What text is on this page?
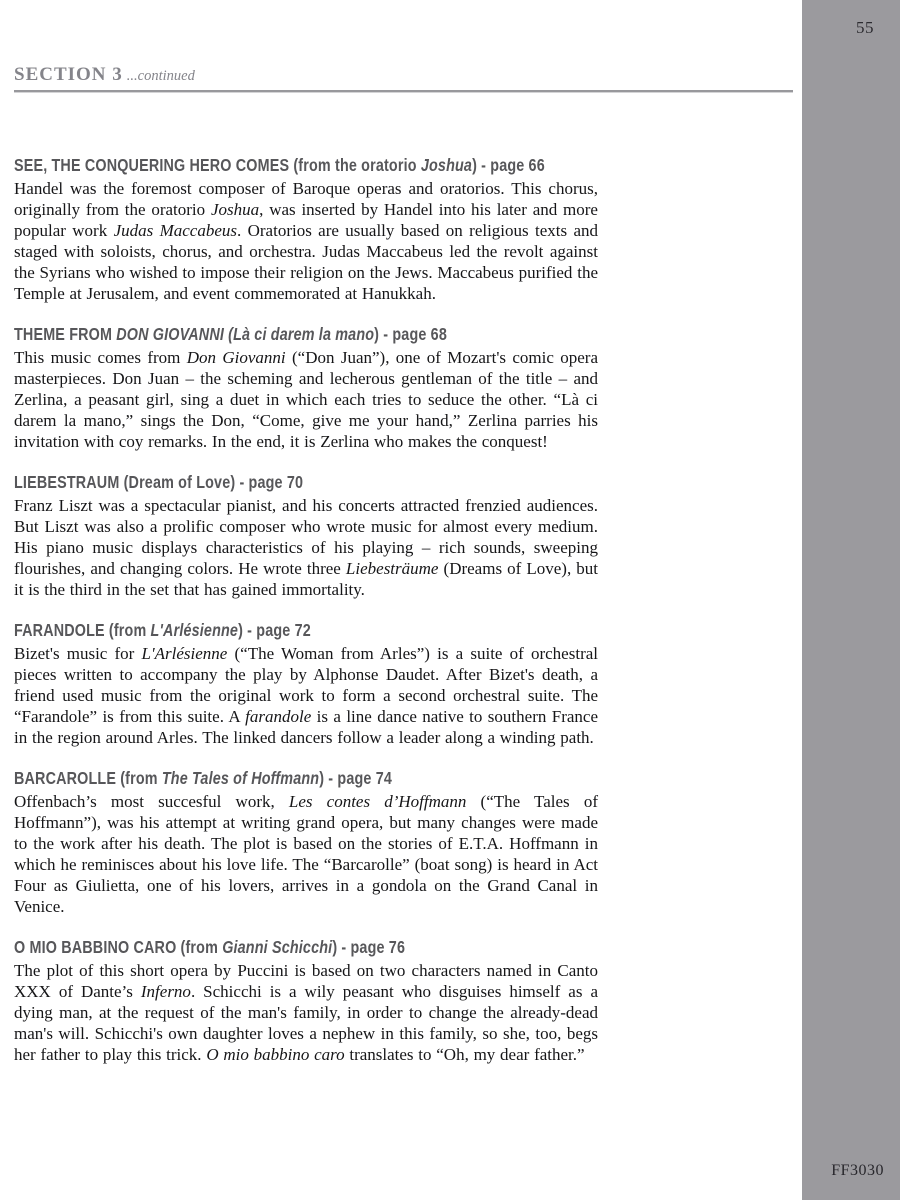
55
FF3030
SECTION 3 ...continued
SEE, THE CONQUERING HERO COMES (from the oratorio Joshua) - page 66

Handel was the foremost composer of Baroque operas and oratorios. This chorus, originally from the oratorio Joshua, was inserted by Handel into his later and more popular work Judas Maccabeus. Oratorios are usually based on religious texts and staged with soloists, chorus, and orchestra. Judas Maccabeus led the revolt against the Syrians who wished to impose their religion on the Jews. Maccabeus purified the Temple at Jerusalem, and event commemorated at Hanukkah.

THEME FROM DON GIOVANNI (Là ci darem la mano) - page 68

This music comes from Don Giovanni (“Don Juan”), one of Mozart's comic opera masterpieces. Don Juan – the scheming and lecherous gentleman of the title – and Zerlina, a peasant girl, sing a duet in which each tries to seduce the other. “Là ci darem la mano,” sings the Don, “Come, give me your hand,” Zerlina parries his invitation with coy remarks. In the end, it is Zerlina who makes the conquest!

LIEBESTRAUM (Dream of Love) - page 70

Franz Liszt was a spectacular pianist, and his concerts attracted frenzied audiences. But Liszt was also a prolific composer who wrote music for almost every medium. His piano music displays characteristics of his playing – rich sounds, sweeping flourishes, and changing colors. He wrote three Liebesträume (Dreams of Love), but it is the third in the set that has gained immortality.

FARANDOLE (from L'Arlésienne) - page 72

Bizet's music for L'Arlésienne (“The Woman from Arles”) is a suite of orchestral pieces written to accompany the play by Alphonse Daudet. After Bizet's death, a friend used music from the original work to form a second orchestral suite. The “Farandole” is from this suite. A farandole is a line dance native to southern France in the region around Arles. The linked dancers follow a leader along a winding path.

BARCAROLLE (from The Tales of Hoffmann) - page 74

Offenbach’s most succesful work, Les contes d’Hoffmann (“The Tales of Hoffmann”), was his attempt at writing grand opera, but many changes were made to the work after his death. The plot is based on the stories of E.T.A. Hoffmann in which he reminisces about his love life. The “Barcarolle” (boat song) is heard in Act Four as Giulietta, one of his lovers, arrives in a gondola on the Grand Canal in Venice.

O MIO BABBINO CARO (from Gianni Schicchi) - page 76

The plot of this short opera by Puccini is based on two characters named in Canto XXX of Dante’s Inferno. Schicchi is a wily peasant who disguises himself as a dying man, at the request of the man's family, in order to change the already-dead man's will. Schicchi's own daughter loves a nephew in this family, so she, too, begs her father to play this trick. O mio babbino caro translates to “Oh, my dear father.”
